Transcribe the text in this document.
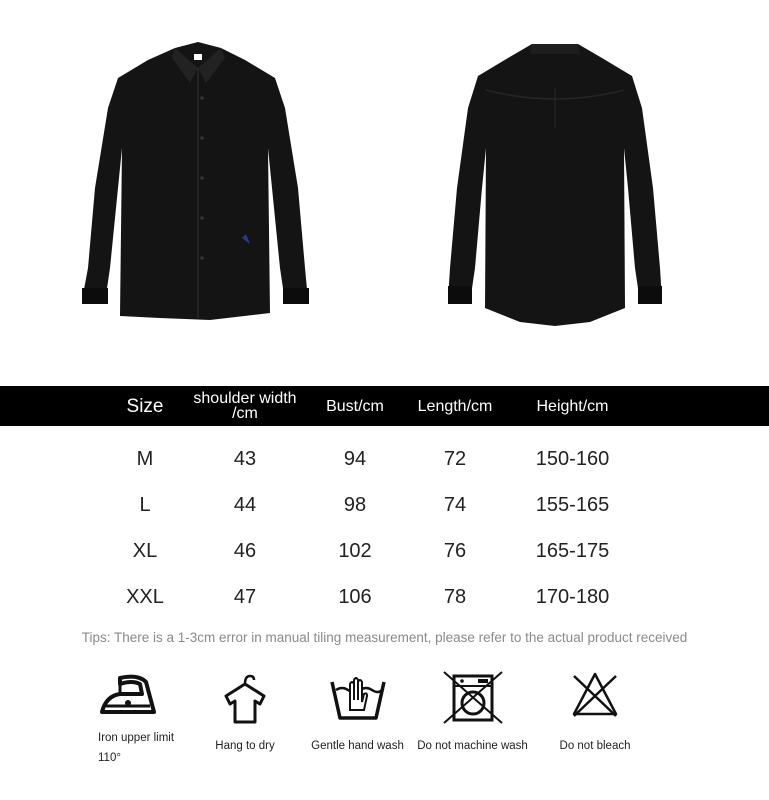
Size	shoulder width /cm	Bust/cm	Length/cm	Height/cm
M	43	94	72	150-160
L	44	98	74	155-165
XL	46	102	76	165-175
XXL	47	106	78	170-180
Tips: There is a 1-3cm error in manual tiling measurement, please refer to the actual product received
Iron upper limit 110°
Hang to dry	Gentle hand wash	Do not machine wash	Do not bleach
